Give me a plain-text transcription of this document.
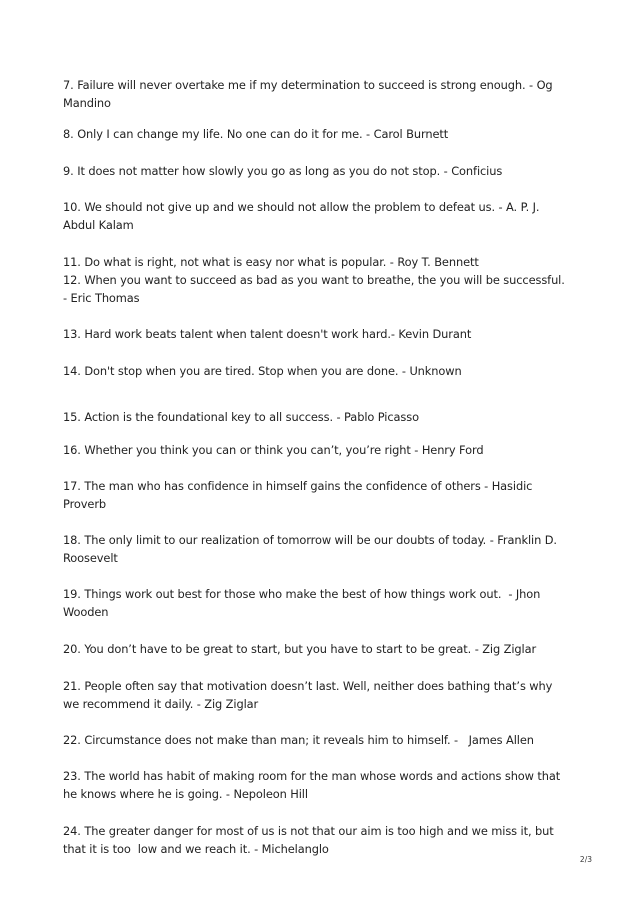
7. Failure will never overtake me if my determination to succeed is strong enough. - Og
Mandino

8. Only I can change my life. No one can do it for me. - Carol Burnett

9. It does not matter how slowly you go as long as you do not stop. - Conficius

10. We should not give up and we should not allow the problem to defeat us. - A. P. J.
Abdul Kalam

11. Do what is right, not what is easy nor what is popular. - Roy T. Bennett

12. When you want to succeed as bad as you want to breathe, the you will be successful.
- Eric Thomas

13. Hard work beats talent when talent doesn't work hard.- Kevin Durant

14. Don't stop when you are tired. Stop when you are done. - Unknown

15. Action is the foundational key to all success. - Pablo Picasso

16. Whether you think you can or think you can’t, you’re right - Henry Ford

17. The man who has confidence in himself gains the confidence of others - Hasidic
Proverb

18. The only limit to our realization of tomorrow will be our doubts of today. - Franklin D.
Roosevelt

19. Things work out best for those who make the best of how things work out.  - Jhon
Wooden

20. You don’t have to be great to start, but you have to start to be great. - Zig Ziglar

21. People often say that motivation doesn’t last. Well, neither does bathing that’s why
we recommend it daily. - Zig Ziglar

22. Circumstance does not make than man; it reveals him to himself. -   James Allen

23. The world has habit of making room for the man whose words and actions show that
he knows where he is going. - Nepoleon Hill

24. The greater danger for most of us is not that our aim is too high and we miss it, but
that it is too  low and we reach it. - Michelanglo

2/3
